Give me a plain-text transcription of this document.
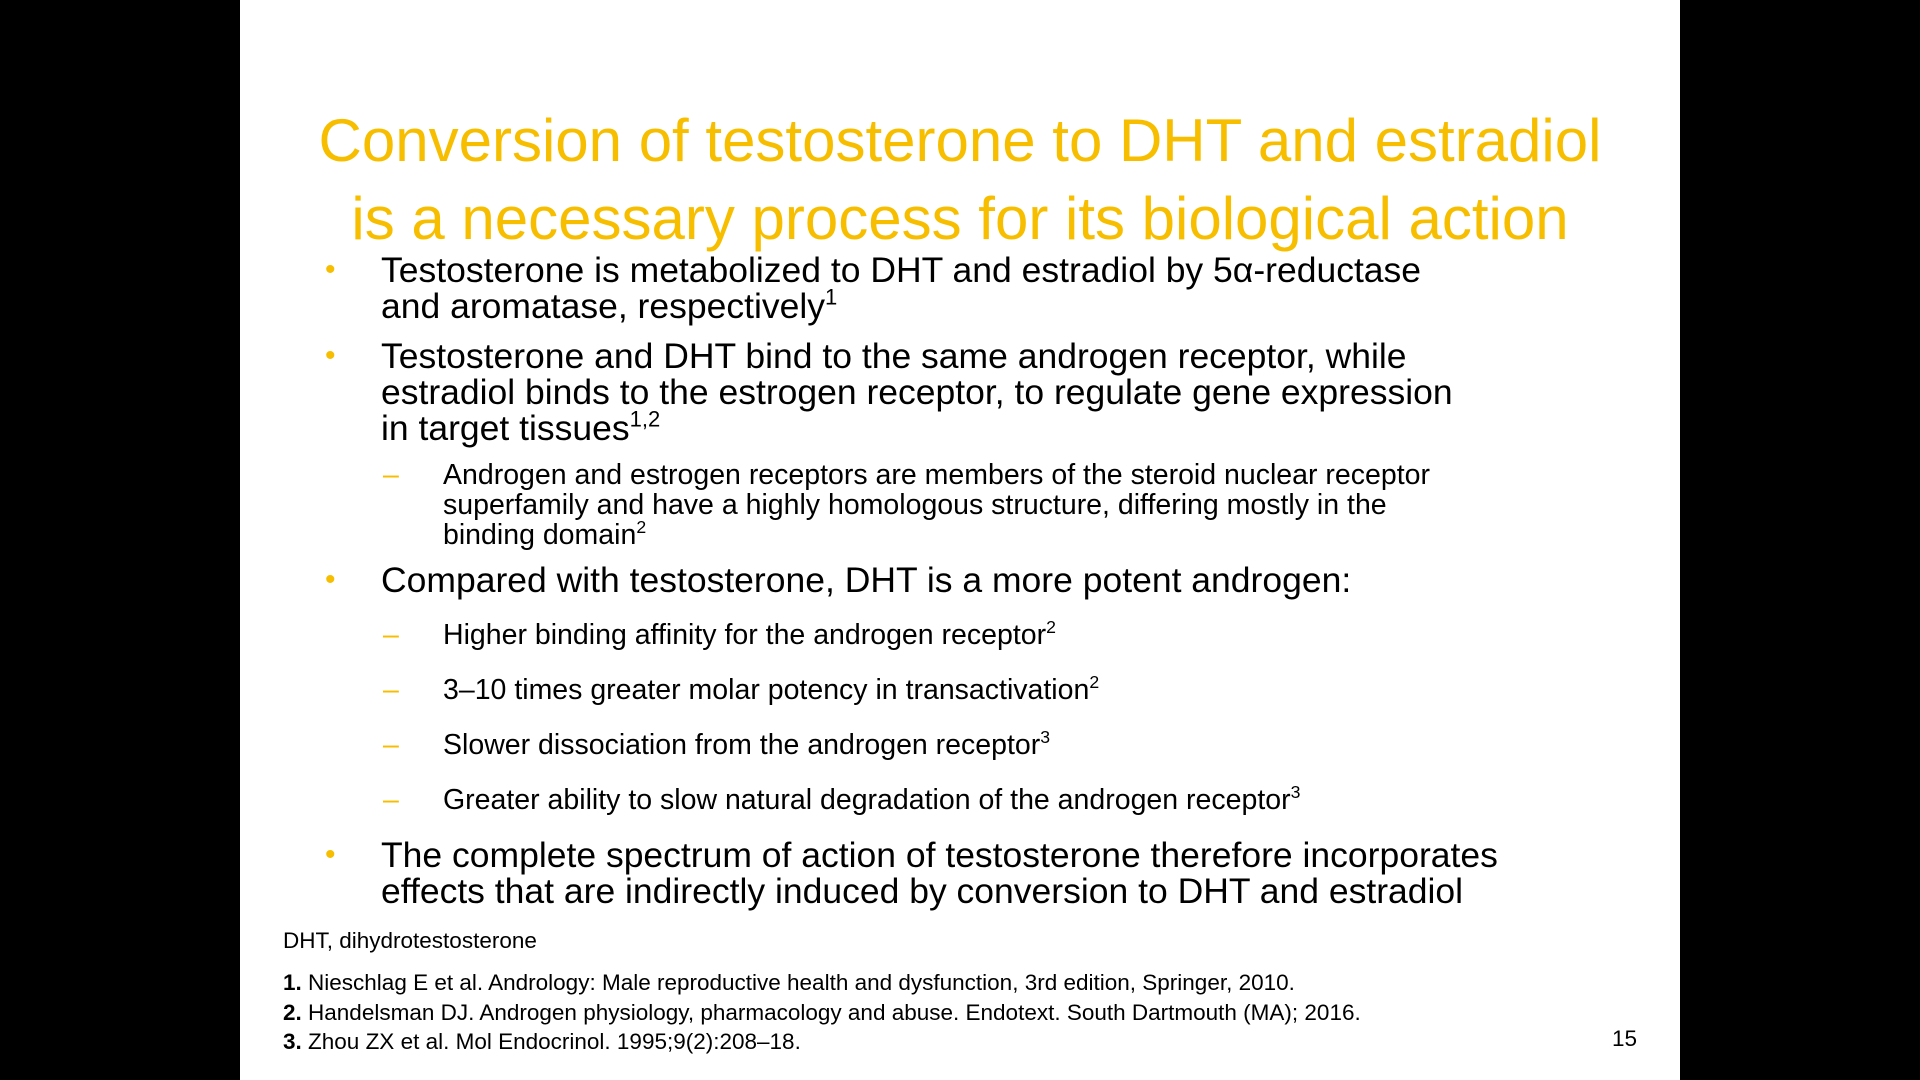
Conversion of testosterone to DHT and estradiol
is a necessary process for its biological action
• Testosterone is metabolized to DHT and estradiol by 5α-reductase
and aromatase, respectively$^1$
• Testosterone and DHT bind to the same androgen receptor, while
estradiol binds to the estrogen receptor, to regulate gene expression
in target tissues$^{1,2}$
– Androgen and estrogen receptors are members of the steroid nuclear receptor
superfamily and have a highly homologous structure, differing mostly in the
binding domain$^2$
• Compared with testosterone, DHT is a more potent androgen:
– Higher binding affinity for the androgen receptor$^2$
– 3–10 times greater molar potency in transactivation$^2$
– Slower dissociation from the androgen receptor$^3$
– Greater ability to slow natural degradation of the androgen receptor$^3$
• The complete spectrum of action of testosterone therefore incorporates
effects that are indirectly induced by conversion to DHT and estradiol
DHT, dihydrotestosterone
1. Nieschlag E et al. Andrology: Male reproductive health and dysfunction, 3rd edition, Springer, 2010.
2. Handelsman DJ. Androgen physiology, pharmacology and abuse. Endotext. South Dartmouth (MA); 2016.
3. Zhou ZX et al. Mol Endocrinol. 1995;9(2):208–18.	15
